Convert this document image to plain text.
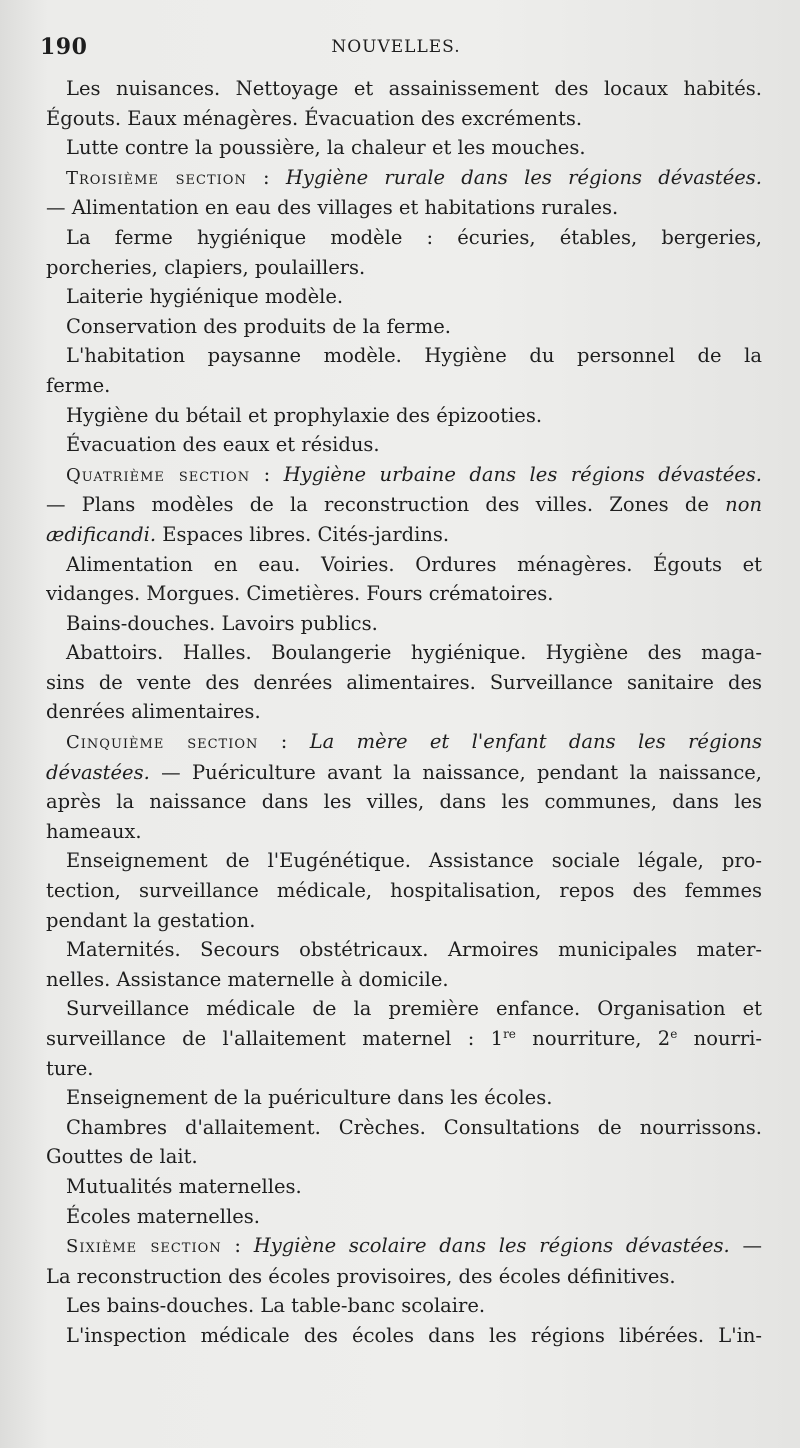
190	NOUVELLES.
Les nuisances. Nettoyage et assainissement des locaux habités.
Égouts. Eaux ménagères. Évacuation des excréments.
Lutte contre la poussière, la chaleur et les mouches.
Troisième section : Hygiène rurale dans les régions dévastées.
— Alimentation en eau des villages et habitations rurales.
La ferme hygiénique modèle : écuries, étables, bergeries,
porcheries, clapiers, poulaillers.
Laiterie hygiénique modèle.
Conservation des produits de la ferme.
L'habitation paysanne modèle. Hygiène du personnel de la
ferme.
Hygiène du bétail et prophylaxie des épizooties.
Évacuation des eaux et résidus.
Quatrième section : Hygiène urbaine dans les régions dévastées.
— Plans modèles de la reconstruction des villes. Zones de non
ædificandi. Espaces libres. Cités-jardins.
Alimentation en eau. Voiries. Ordures ménagères. Égouts et
vidanges. Morgues. Cimetières. Fours crématoires.
Bains-douches. Lavoirs publics.
Abattoirs. Halles. Boulangerie hygiénique. Hygiène des maga-
sins de vente des denrées alimentaires. Surveillance sanitaire des
denrées alimentaires.
Cinquième section : La mère et l'enfant dans les régions
dévastées. — Puériculture avant la naissance, pendant la naissance,
après la naissance dans les villes, dans les communes, dans les
hameaux.
Enseignement de l'Eugénétique. Assistance sociale légale, pro-
tection, surveillance médicale, hospitalisation, repos des femmes
pendant la gestation.
Maternités. Secours obstétricaux. Armoires municipales mater-
nelles. Assistance maternelle à domicile.
Surveillance médicale de la première enfance. Organisation et
surveillance de l'allaitement maternel : 1re nourriture, 2e nourri-
ture.
Enseignement de la puériculture dans les écoles.
Chambres d'allaitement. Crèches. Consultations de nourrissons.
Gouttes de lait.
Mutualités maternelles.
Écoles maternelles.
Sixième section : Hygiène scolaire dans les régions dévastées. —
La reconstruction des écoles provisoires, des écoles définitives.
Les bains-douches. La table-banc scolaire.
L'inspection médicale des écoles dans les régions libérées. L'in-
